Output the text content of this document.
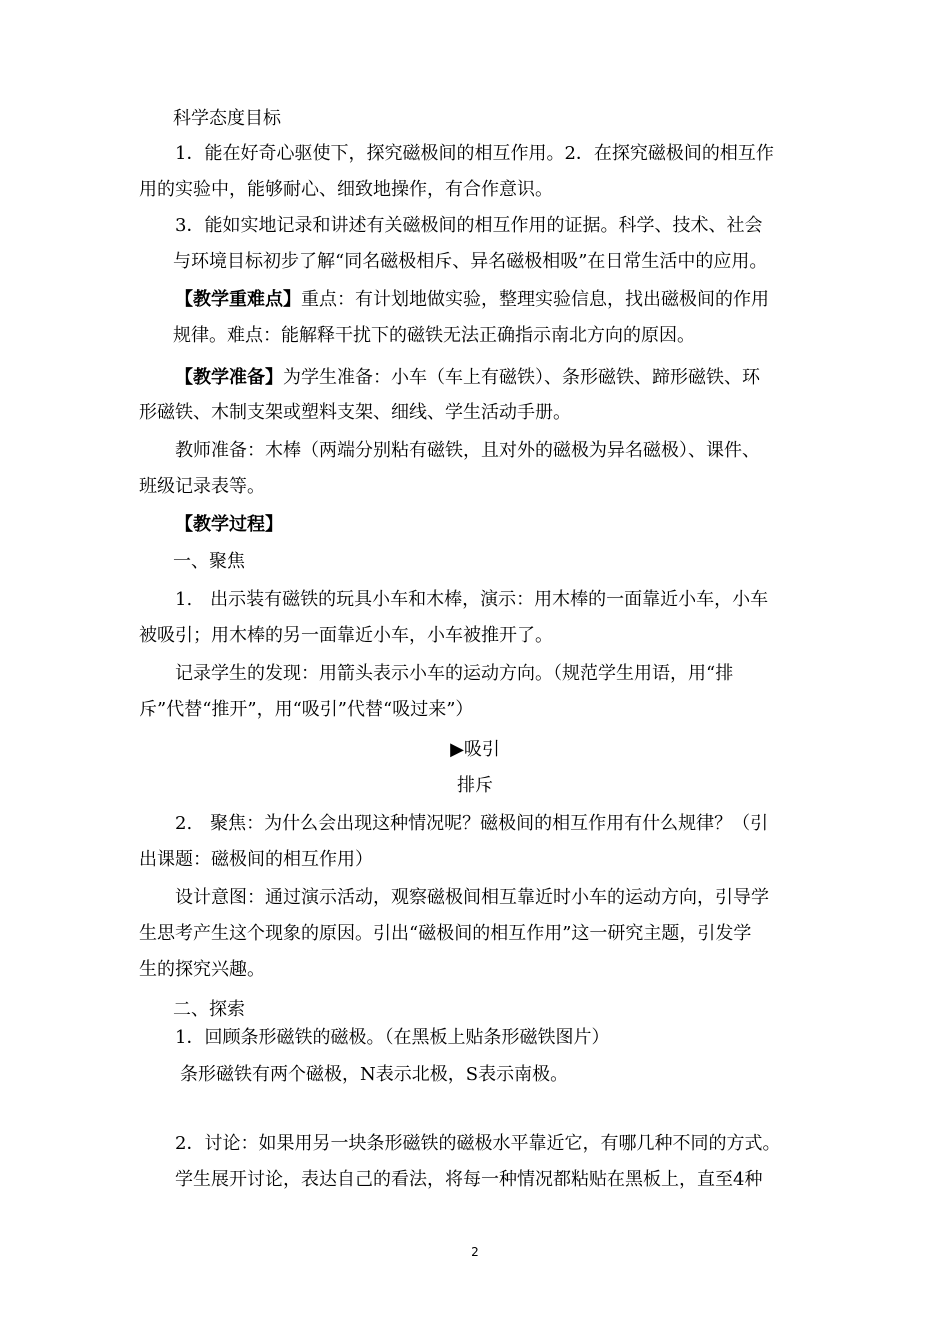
科学态度目标
1．能在好奇心驱使下，探究磁极间的相互作用。2．在探究磁极间的相互作
用的实验中，能够耐心、细致地操作，有合作意识。
3．能如实地记录和讲述有关磁极间的相互作用的证据。科学、技术、社会
与环境目标初步了解“同名磁极相斥、异名磁极相吸”在日常生活中的应用。
【教学重难点】重点：有计划地做实验，整理实验信息，找出磁极间的作用
规律。难点：能解释干扰下的磁铁无法正确指示南北方向的原因。
【教学准备】为学生准备：小车（车上有磁铁）、条形磁铁、蹄形磁铁、环
形磁铁、木制支架或塑料支架、细线、学生活动手册。
教师准备：木棒（两端分别粘有磁铁，且对外的磁极为异名磁极）、课件、
班级记录表等。
【教学过程】
一、聚焦
1.　出示装有磁铁的玩具小车和木棒，演示：用木棒的一面靠近小车，小车
被吸引；用木棒的另一面靠近小车，小车被推开了。
记录学生的发现：用箭头表示小车的运动方向。（规范学生用语，用“排
斥”代替“推开”，用“吸引”代替“吸过来”）
▶吸引
排斥
2.　聚焦：为什么会出现这种情况呢？磁极间的相互作用有什么规律？（引
出课题：磁极间的相互作用）
设计意图：通过演示活动，观察磁极间相互靠近时小车的运动方向，引导学
生思考产生这个现象的原因。引出“磁极间的相互作用”这一研究主题，引发学
生的探究兴趣。
二、探索
1．回顾条形磁铁的磁极。（在黑板上贴条形磁铁图片）
条形磁铁有两个磁极，N表示北极，S表示南极。
2．讨论：如果用另一块条形磁铁的磁极水平靠近它，有哪几种不同的方式。
学生展开讨论，表达自己的看法，将每一种情况都粘贴在黑板上，直至4种
2
